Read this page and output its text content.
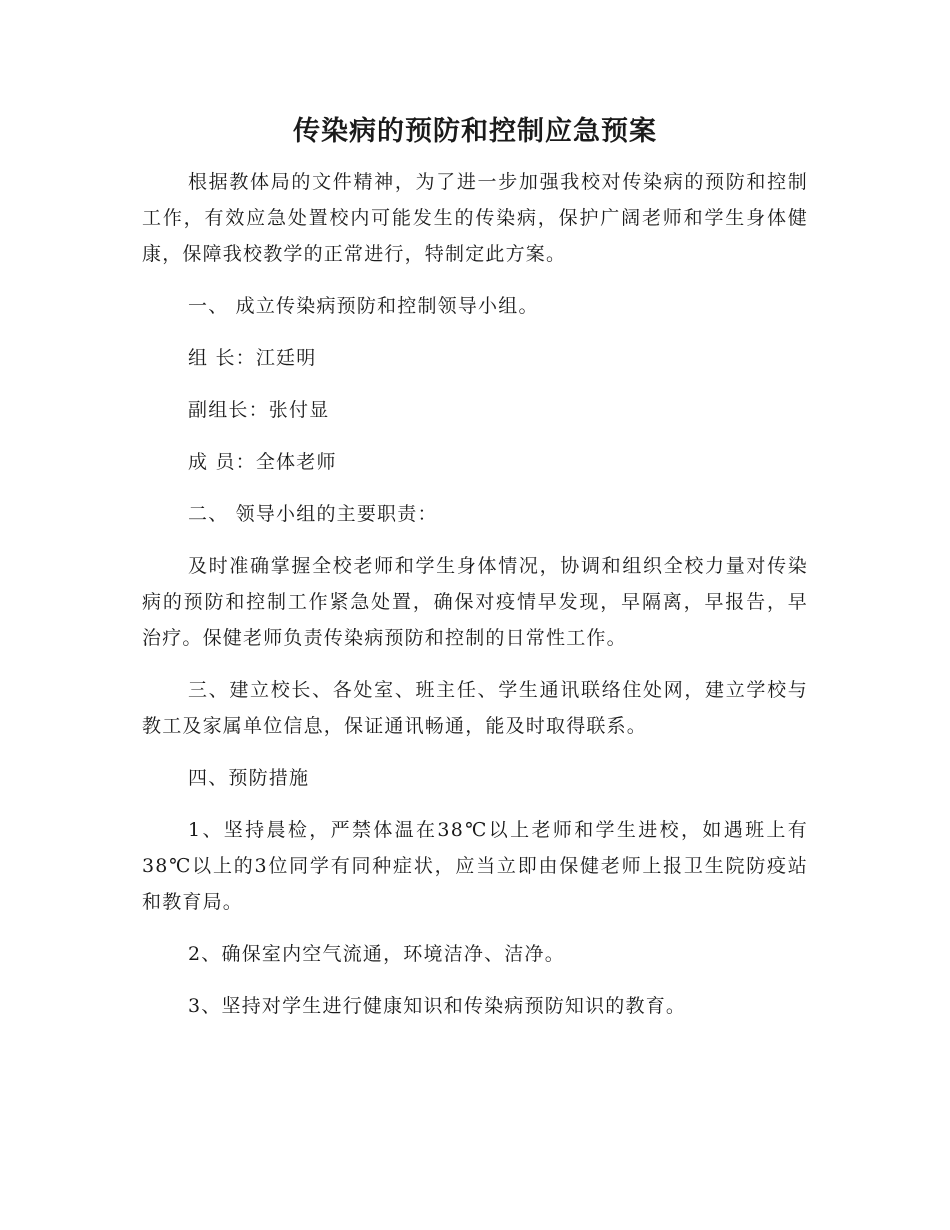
传染病的预防和控制应急预案

根据教体局的文件精神，为了进一步加强我校对传染病的预防和控制工作，有效应急处置校内可能发生的传染病，保护广阔老师和学生身体健康，保障我校教学的正常进行，特制定此方案。

一、 成立传染病预防和控制领导小组。

组 长：江廷明

副组长：张付显

成 员：全体老师

二、 领导小组的主要职责：

及时准确掌握全校老师和学生身体情况，协调和组织全校力量对传染病的预防和控制工作紧急处置，确保对疫情早发现，早隔离，早报告，早治疗。保健老师负责传染病预防和控制的日常性工作。

三、建立校长、各处室、班主任、学生通讯联络住处网，建立学校与教工及家属单位信息，保证通讯畅通，能及时取得联系。

四、预防措施

1、坚持晨检，严禁体温在38℃以上老师和学生进校，如遇班上有38℃以上的3位同学有同种症状，应当立即由保健老师上报卫生院防疫站和教育局。

2、确保室内空气流通，环境洁净、洁净。

3、坚持对学生进行健康知识和传染病预防知识的教育。
